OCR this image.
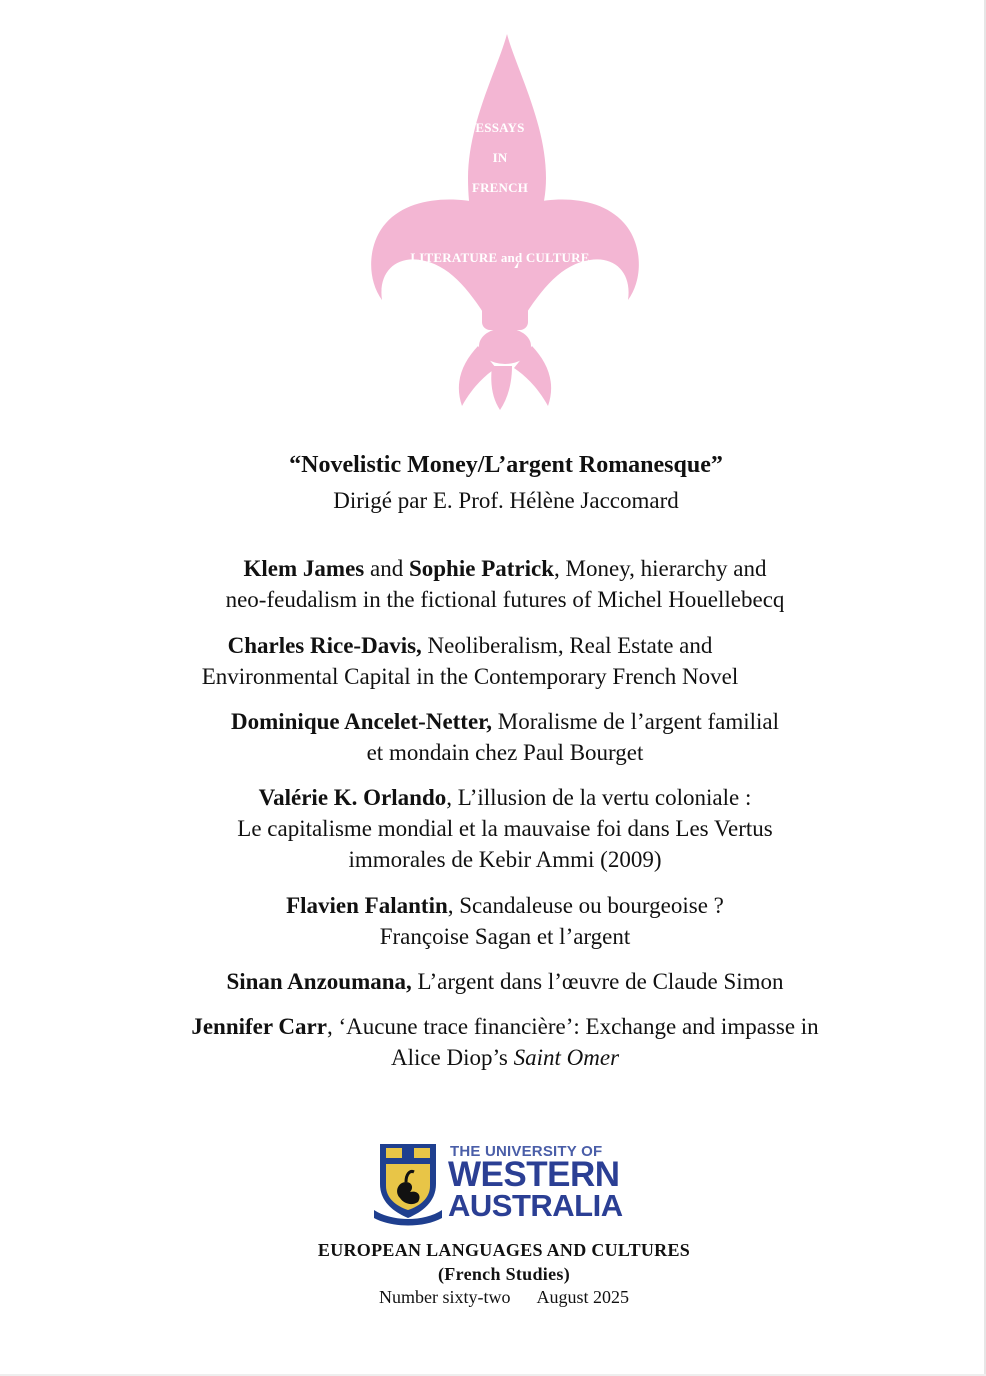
ESSAYS
IN
FRENCH
LITERATURE and CULTURE
“Novelistic Money/L’argent Romanesque”
Dirigé par E. Prof. Hélène Jaccomard
Klem James and Sophie Patrick, Money, hierarchy and
neo-feudalism in the fictional futures of Michel Houellebecq
Charles Rice-Davis, Neoliberalism, Real Estate and
Environmental Capital in the Contemporary French Novel
Dominique Ancelet-Netter, Moralisme de l’argent familial
et mondain chez Paul Bourget
Valérie K. Orlando, L’illusion de la vertu coloniale :
Le capitalisme mondial et la mauvaise foi dans Les Vertus
immorales de Kebir Ammi (2009)
Flavien Falantin, Scandaleuse ou bourgeoise ?
Françoise Sagan et l’argent
Sinan Anzoumana, L’argent dans l’œuvre de Claude Simon
Jennifer Carr, ‘Aucune trace financière’: Exchange and impasse in
Alice Diop’s Saint Omer
THE UNIVERSITY OF
WESTERN
AUSTRALIA
EUROPEAN LANGUAGES AND CULTURES
(French Studies)
Number sixty-two August 2025
